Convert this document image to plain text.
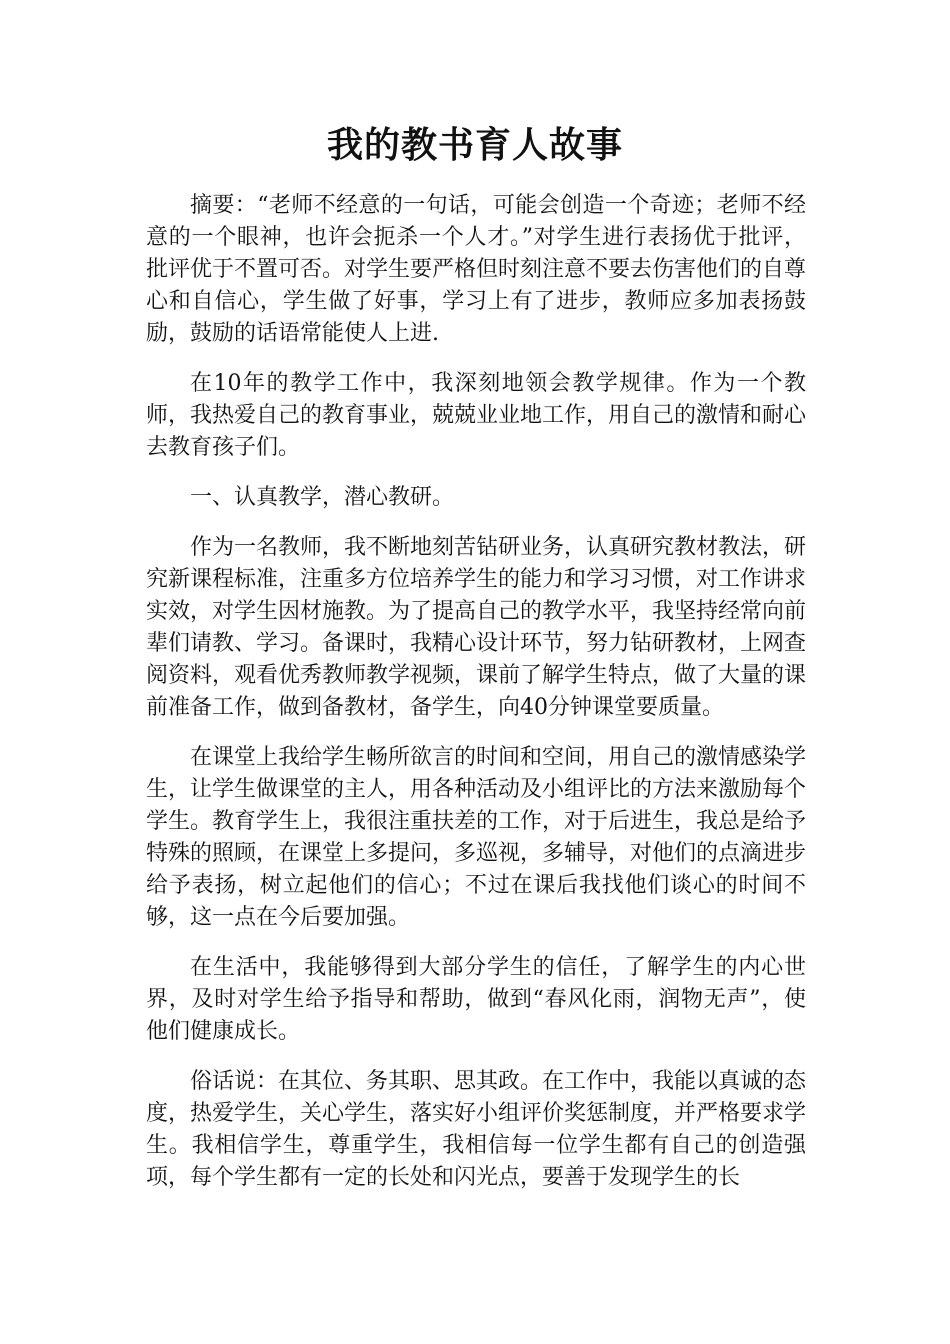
我的教书育人故事

摘要：“老师不经意的一句话，可能会创造一个奇迹；老师不经意的一个眼神，也许会扼杀一个人才。”对学生进行表扬优于批评，批评优于不置可否。对学生要严格但时刻注意不要去伤害他们的自尊心和自信心，学生做了好事，学习上有了进步，教师应多加表扬鼓励，鼓励的话语常能使人上进.

在10年的教学工作中，我深刻地领会教学规律。作为一个教师，我热爱自己的教育事业，兢兢业业地工作，用自己的激情和耐心去教育孩子们。

一、认真教学，潜心教研。

作为一名教师，我不断地刻苦钻研业务，认真研究教材教法，研究新课程标准，注重多方位培养学生的能力和学习习惯，对工作讲求实效，对学生因材施教。为了提高自己的教学水平，我坚持经常向前辈们请教、学习。备课时，我精心设计环节，努力钻研教材，上网查阅资料，观看优秀教师教学视频，课前了解学生特点，做了大量的课前准备工作，做到备教材，备学生，向40分钟课堂要质量。

在课堂上我给学生畅所欲言的时间和空间，用自己的激情感染学生，让学生做课堂的主人，用各种活动及小组评比的方法来激励每个学生。教育学生上，我很注重扶差的工作，对于后进生，我总是给予特殊的照顾，在课堂上多提问，多巡视，多辅导，对他们的点滴进步给予表扬，树立起他们的信心；不过在课后我找他们谈心的时间不够，这一点在今后要加强。

在生活中，我能够得到大部分学生的信任，了解学生的内心世界，及时对学生给予指导和帮助，做到“春风化雨，润物无声”，使他们健康成长。

俗话说：在其位、务其职、思其政。在工作中，我能以真诚的态度，热爱学生，关心学生，落实好小组评价奖惩制度，并严格要求学生。我相信学生，尊重学生，我相信每一位学生都有自己的创造强项，每个学生都有一定的长处和闪光点，要善于发现学生的长
